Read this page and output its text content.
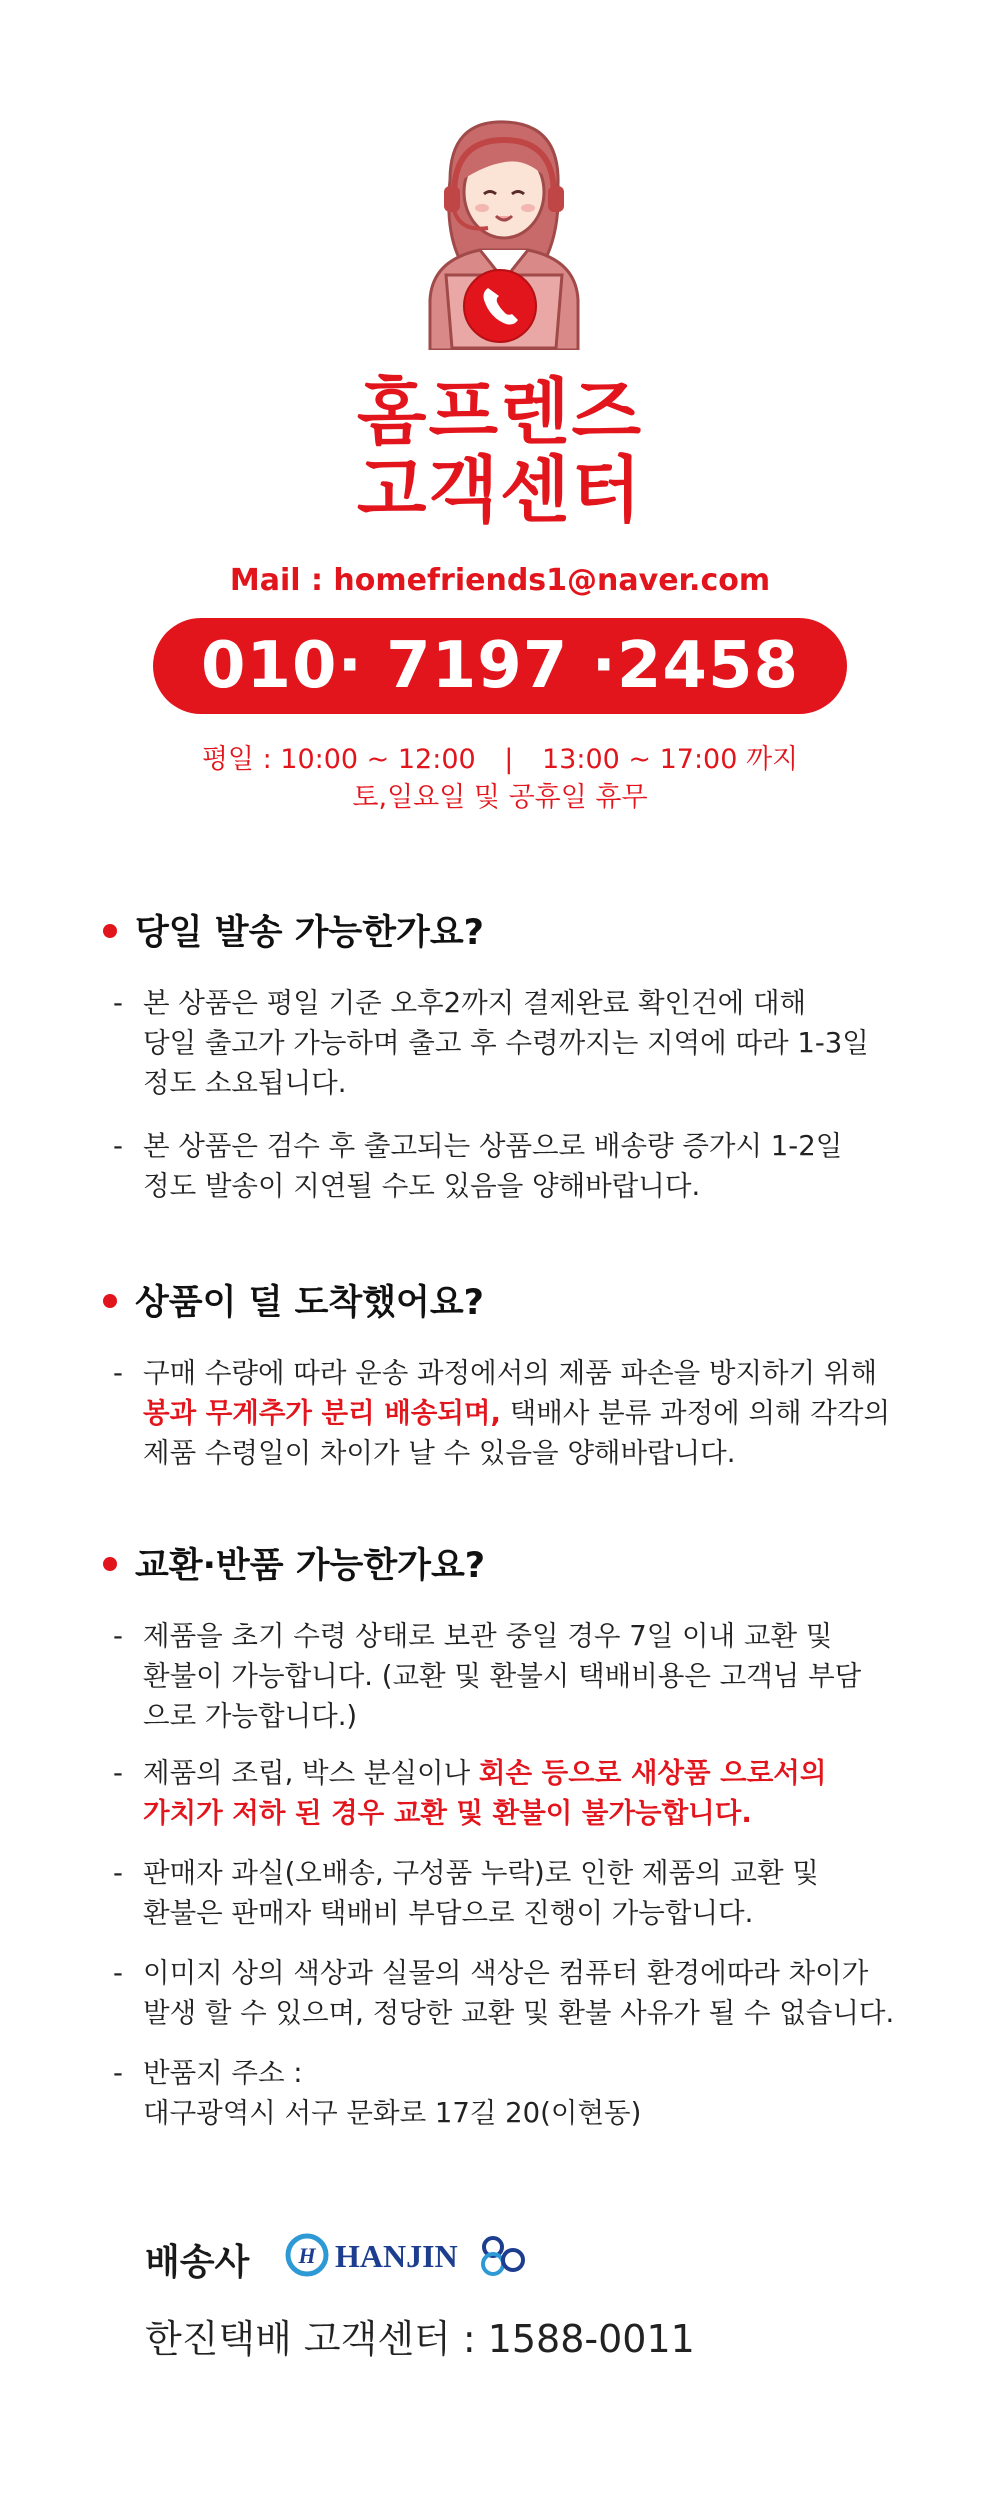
홈프렌즈
고객센터
Mail : homefriends1@naver.com
010· 7197 ·2458
평일 : 10:00 ~ 12:00 | 13:00 ~ 17:00 까지
토,일요일 및 공휴일 휴무
당일 발송 가능한가요?
- 본 상품은 평일 기준 오후2까지 결제완료 확인건에 대해
당일 출고가 가능하며 출고 후 수령까지는 지역에 따라 1-3일
정도 소요됩니다.
- 본 상품은 검수 후 출고되는 상품으로 배송량 증가시 1-2일
정도 발송이 지연될 수도 있음을 양해바랍니다.
상품이 덜 도착했어요?
- 구매 수량에 따라 운송 과정에서의 제품 파손을 방지하기 위해
봉과 무게추가 분리 배송되며, 택배사 분류 과정에 의해 각각의
제품 수령일이 차이가 날 수 있음을 양해바랍니다.
교환·반품 가능한가요?
- 제품을 초기 수령 상태로 보관 중일 경우 7일 이내 교환 및
환불이 가능합니다. (교환 및 환불시 택배비용은 고객님 부담
으로 가능합니다.)
- 제품의 조립, 박스 분실이나 회손 등으로 새상품 으로서의
가치가 저하 된 경우 교환 및 환불이 불가능합니다.
- 판매자 과실(오배송, 구성품 누락)로 인한 제품의 교환 및
환불은 판매자 택배비 부담으로 진행이 가능합니다.
- 이미지 상의 색상과 실물의 색상은 컴퓨터 환경에따라 차이가
발생 할 수 있으며, 정당한 교환 및 환불 사유가 될 수 없습니다.
- 반품지 주소 :
대구광역시 서구 문화로 17길 20(이현동)
배송사 H HANJIN
한진택배 고객센터 : 1588-0011
